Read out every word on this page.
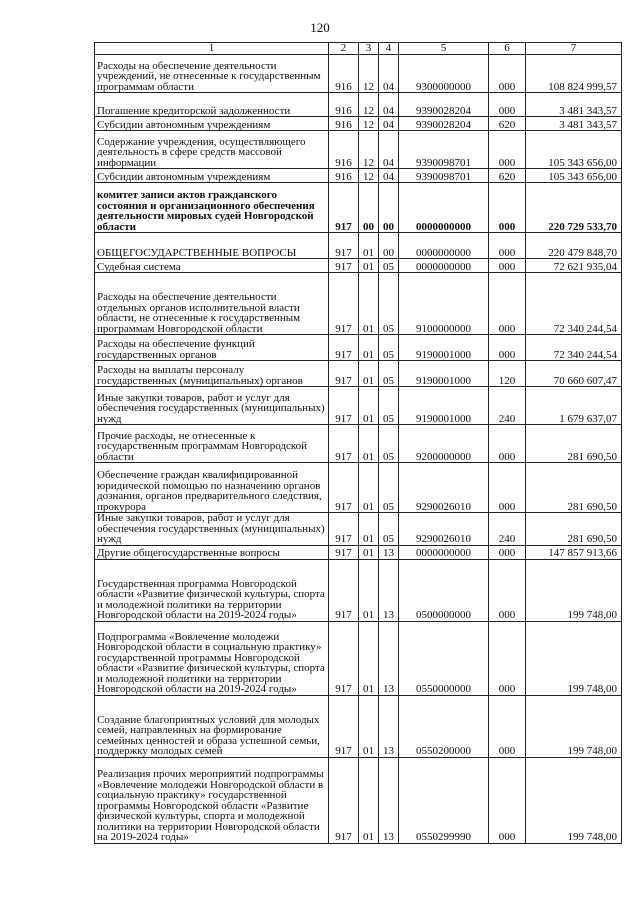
120
1	2	3	4	5	6	7
Расходы на обеспечение деятельности учреждений, не отнесенные к государственным программам области	916	12	04	9300000000	000	108 824 999,57
Погашение кредиторской задолженности	916	12	04	9390028204	000	3 481 343,57
Субсидии автономным учреждениям	916	12	04	9390028204	620	3 481 343,57
Содержание учреждения, осуществляющего деятельность в сфере средств массовой информации	916	12	04	9390098701	000	105 343 656,00
Субсидии автономным учреждениям	916	12	04	9390098701	620	105 343 656,00
комитет записи актов гражданского состояния и организационного обеспечения деятельности мировых судей Новгородской области	917	00	00	0000000000	000	220 729 533,70
ОБЩЕГОСУДАРСТВЕННЫЕ ВОПРОСЫ	917	01	00	0000000000	000	220 479 848,70
Судебная система	917	01	05	0000000000	000	72 621 935,04
Расходы на обеспечение деятельности отдельных органов исполнительной власти области, не отнесенные к государственным программам Новгородской области	917	01	05	9100000000	000	72 340 244,54
Расходы на обеспечение функций государственных органов	917	01	05	9190001000	000	72 340 244,54
Расходы на выплаты персоналу государственных (муниципальных) органов	917	01	05	9190001000	120	70 660 607,47
Иные закупки товаров, работ и услуг для обеспечения государственных (муниципальных) нужд	917	01	05	9190001000	240	1 679 637,07
Прочие расходы, не отнесенные к государственным программам Новгородской области	917	01	05	9200000000	000	281 690,50
Обеспечение граждан квалифицированной юридической помощью по назначению органов дознания, органов предварительного следствия, прокурора	917	01	05	9290026010	000	281 690,50
Иные закупки товаров, работ и услуг для обеспечения государственных (муниципальных) нужд	917	01	05	9290026010	240	281 690,50
Другие общегосударственные вопросы	917	01	13	0000000000	000	147 857 913,66
Государственная программа Новгородской области «Развитие физической культуры, спорта и молодежной политики на территории Новгородской области на 2019-2024 годы»	917	01	13	0500000000	000	199 748,00
Подпрограмма «Вовлечение молодежи Новгородской области в социальную практику» государственной программы Новгородской области «Развитие физической культуры, спорта и молодежной политики на территории Новгородской области на 2019-2024 годы»	917	01	13	0550000000	000	199 748,00
Создание благоприятных условий для молодых семей, направленных на формирование семейных ценностей и образа успешной семьи, поддержку молодых семей	917	01	13	0550200000	000	199 748,00
Реализация прочих мероприятий подпрограммы «Вовлечение молодежи Новгородской области в социальную практику» государственной программы Новгородской области «Развитие физической культуры, спорта и молодежной политики на территории Новгородской области на 2019-2024 годы»	917	01	13	0550299990	000	199 748,00
